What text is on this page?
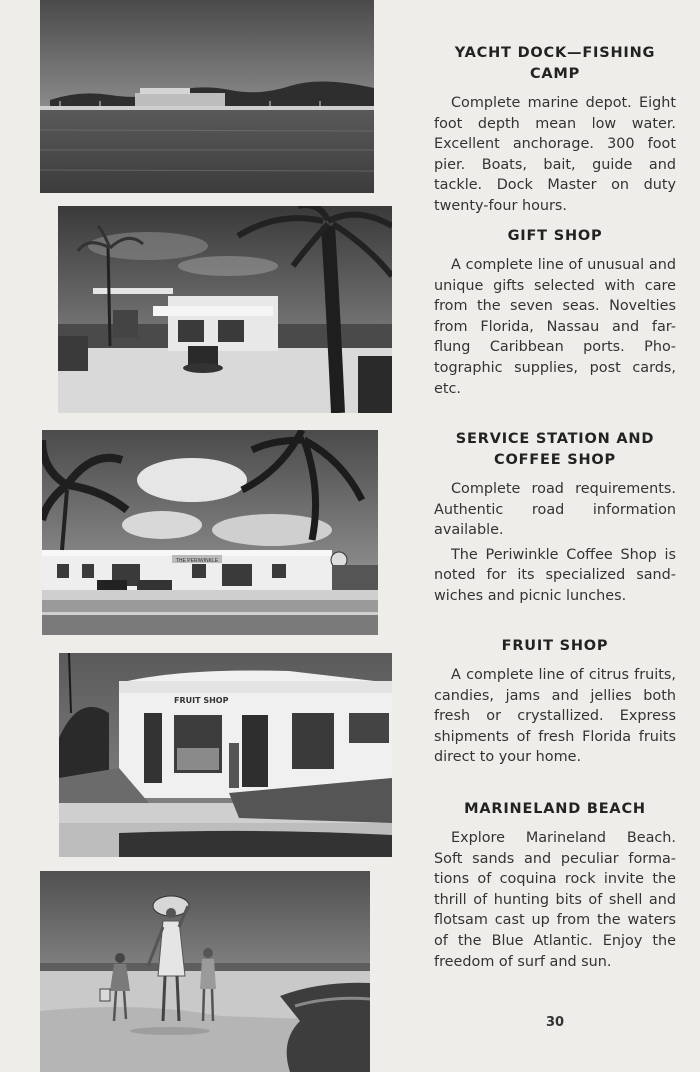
THE PERIWINKLE
FRUIT SHOP
YACHT DOCK—FISHING CAMP

Complete marine depot. Eight foot depth mean low water. Excellent anchorage. 300 foot pier. Boats, bait, guide and tackle. Dock Master on duty twenty-four hours.

GIFT SHOP

A complete line of unusual and unique gifts selected with care from the seven seas. Novelties from Florida, Nassau and far-flung Caribbean ports. Photographic supplies, post cards, etc.

SERVICE STATION AND COFFEE SHOP

Complete road requirements. Authentic road information available.

The Periwinkle Coffee Shop is noted for its specialized sandwiches and picnic lunches.

FRUIT SHOP

A complete line of citrus fruits, candies, jams and jellies both fresh or crystallized. Express shipments of fresh Florida fruits direct to your home.

MARINELAND BEACH

Explore Marineland Beach. Soft sands and peculiar formations of coquina rock invite the thrill of hunting bits of shell and flotsam cast up from the waters of the Blue Atlantic. Enjoy the freedom of surf and sun.

30
